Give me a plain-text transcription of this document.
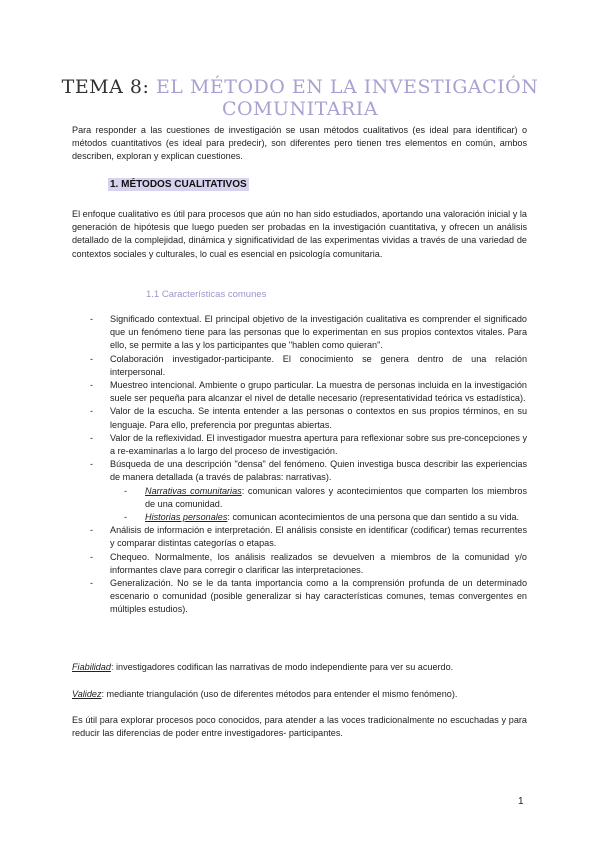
TEMA 8: EL MÉTODO EN LA INVESTIGACIÓN COMUNITARIA

Para responder a las cuestiones de investigación se usan métodos cualitativos (es ideal para identificar) o métodos cuantitativos (es ideal para predecir), son diferentes pero tienen tres elementos en común, ambos describen, exploran y explican cuestiones.

1. MÉTODOS CUALITATIVOS

El enfoque cualitativo es útil para procesos que aún no han sido estudiados, aportando una valoración inicial y la generación de hipótesis que luego pueden ser probadas en la investigación cuantitativa, y ofrecen un análisis detallado de la complejidad, dinámica y significatividad de las experimentas vividas a través de una variedad de contextos sociales y culturales, lo cual es esencial en psicología comunitaria.

1.1 Características comunes
- Significado contextual. El principal objetivo de la investigación cualitativa es comprender el significado que un fenómeno tiene para las personas que lo experimentan en sus propios contextos vitales. Para ello, se permite a las y los participantes que "hablen como quieran".
- Colaboración investigador-participante. El conocimiento se genera dentro de una relación interpersonal.
- Muestreo intencional. Ambiente o grupo particular. La muestra de personas incluida en la investigación suele ser pequeña para alcanzar el nivel de detalle necesario (representatividad teórica vs estadística).
- Valor de la escucha. Se intenta entender a las personas o contextos en sus propios términos, en su lenguaje. Para ello, preferencia por preguntas abiertas.
- Valor de la reflexividad. El investigador muestra apertura para reflexionar sobre sus pre-concepciones y a re-examinarlas a lo largo del proceso de investigación.
- Búsqueda de una descripción "densa" del fenómeno. Quien investiga busca describir las experiencias de manera detallada (a través de palabras: narrativas).
- Narrativas comunitarias: comunican valores y acontecimientos que comparten los miembros de una comunidad.
- Historias personales: comunican acontecimientos de una persona que dan sentido a su vida.
- Análisis de información e interpretación. El análisis consiste en identificar (codificar) temas recurrentes y comparar distintas categorías o etapas.
- Chequeo. Normalmente, los análisis realizados se devuelven a miembros de la comunidad y/o informantes clave para corregir o clarificar las interpretaciones.
- Generalización. No se le da tanta importancia como a la comprensión profunda de un determinado escenario o comunidad (posible generalizar si hay características comunes, temas convergentes en múltiples estudios).

Fiabilidad: investigadores codifican las narrativas de modo independiente para ver su acuerdo.

Validez: mediante triangulación (uso de diferentes métodos para entender el mismo fenómeno).

Es útil para explorar procesos poco conocidos, para atender a las voces tradicionalmente no escuchadas y para reducir las diferencias de poder entre investigadores- participantes.

1
